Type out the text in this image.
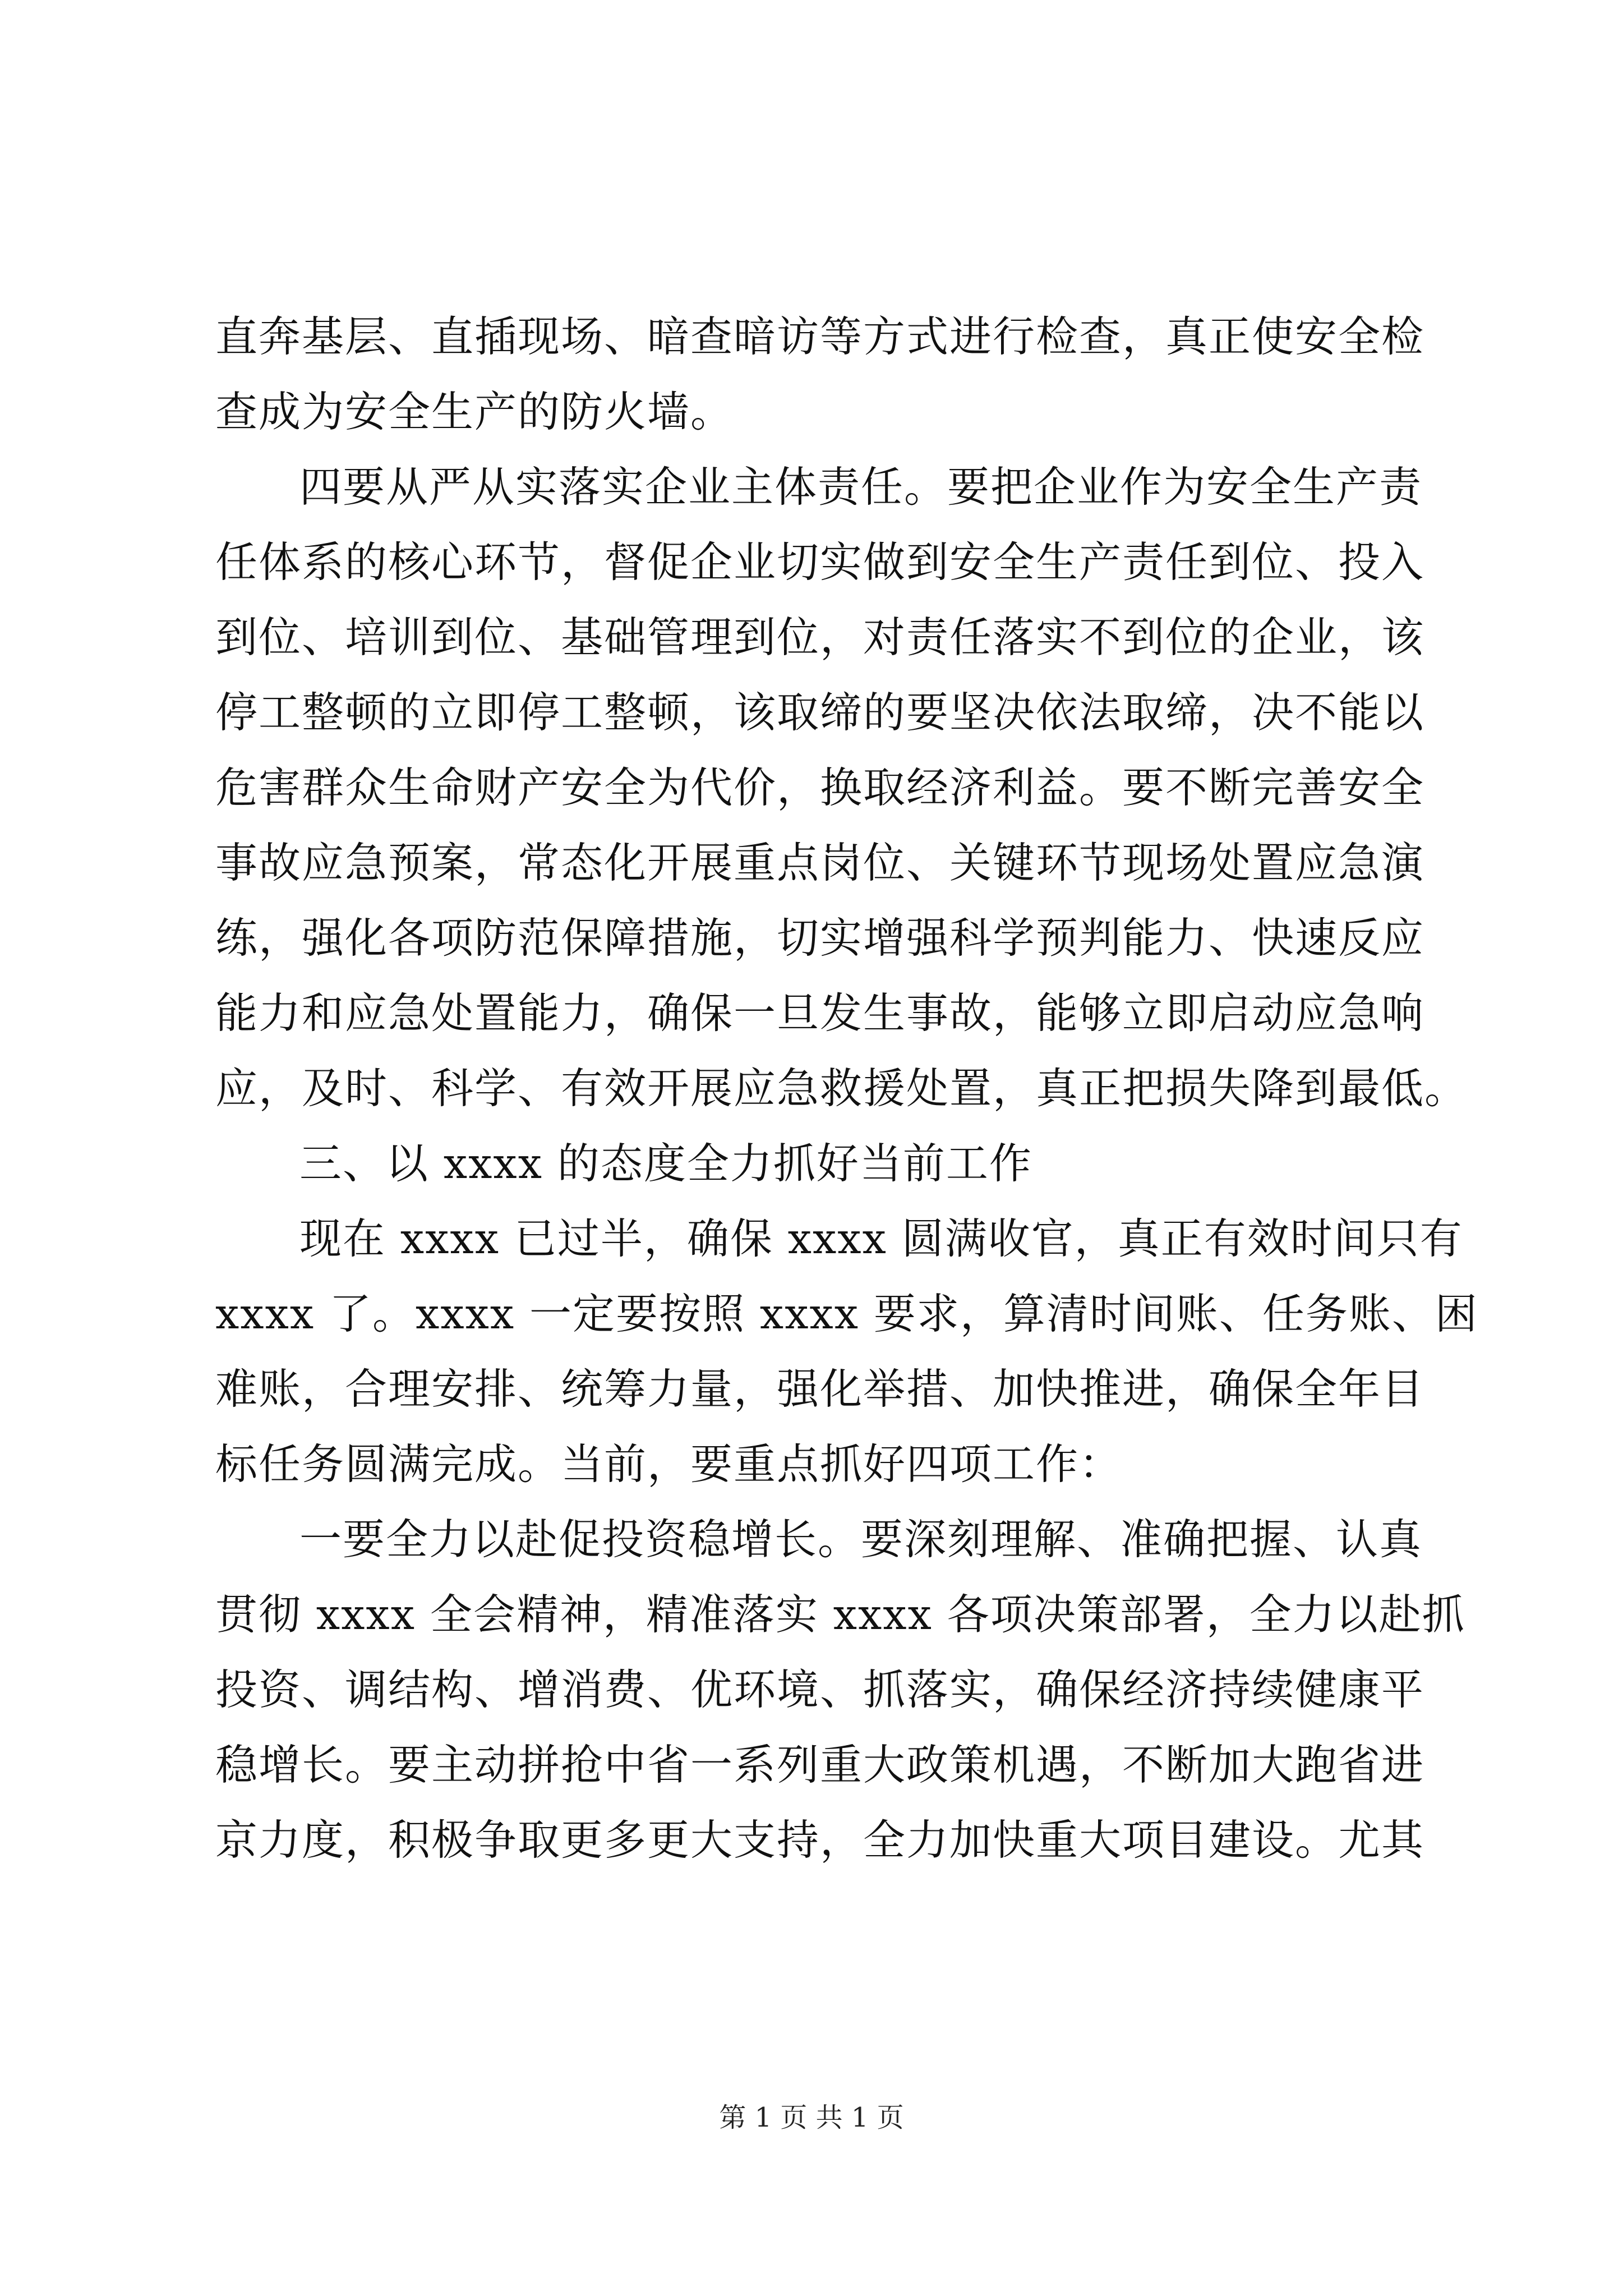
直奔基层、直插现场、暗查暗访等方式进行检查，真正使安全检
查成为安全生产的防火墙。
四要从严从实落实企业主体责任。要把企业作为安全生产责
任体系的核心环节，督促企业切实做到安全生产责任到位、投入
到位、培训到位、基础管理到位，对责任落实不到位的企业，该
停工整顿的立即停工整顿，该取缔的要坚决依法取缔，决不能以
危害群众生命财产安全为代价，换取经济利益。要不断完善安全
事故应急预案，常态化开展重点岗位、关键环节现场处置应急演
练，强化各项防范保障措施，切实增强科学预判能力、快速反应
能力和应急处置能力，确保一旦发生事故，能够立即启动应急响
应，及时、科学、有效开展应急救援处置，真正把损失降到最低。
三、以 xxxx 的态度全力抓好当前工作
现在 xxxx 已过半，确保 xxxx 圆满收官，真正有效时间只有
xxxx 了。xxxx 一定要按照 xxxx 要求，算清时间账、任务账、困
难账，合理安排、统筹力量，强化举措、加快推进，确保全年目
标任务圆满完成。当前，要重点抓好四项工作：
一要全力以赴促投资稳增长。要深刻理解、准确把握、认真
贯彻 xxxx 全会精神，精准落实 xxxx 各项决策部署，全力以赴抓
投资、调结构、增消费、优环境、抓落实，确保经济持续健康平
稳增长。要主动拼抢中省一系列重大政策机遇，不断加大跑省进
京力度，积极争取更多更大支持，全力加快重大项目建设。尤其
第 1 页 共 1 页
